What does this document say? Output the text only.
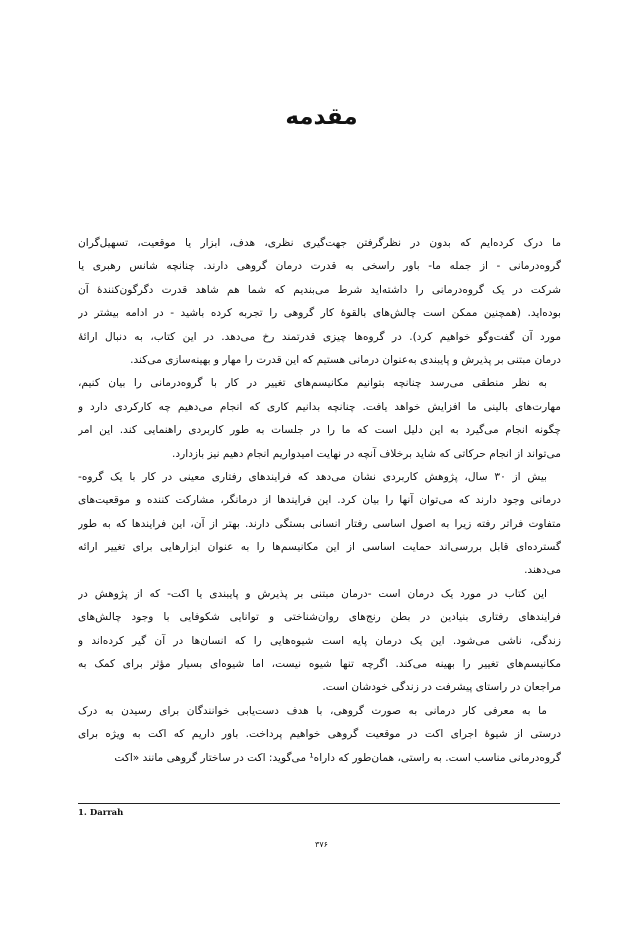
مقدمه
ما درک کرده‌ایم که بدون در نظرگرفتن جهت‌گیری نظری، هدف، ابزار یا موقعیت، تسهیل‌گران
گروه‌درمانی - از جمله ما- باور راسخی به قدرت درمان گروهی دارند. چنانچه شانس رهبری یا
شرکت در یک گروه‌درمانی را داشته‌اید شرط می‌بندیم که شما هم شاهد قدرت دگرگون‌کنندهٔ آن
بوده‌اید. (همچنین ممکن است چالش‌های بالقوهٔ کار گروهی را تجربه کرده باشید - در ادامه بیشتر در
مورد آن گفت‌وگو خواهیم کرد). در گروه‌ها چیزی قدرتمند رخ می‌دهد. در این کتاب، به دنبال ارائهٔ
درمان مبتنی بر پذیرش و پایبندی به‌عنوان درمانی هستیم که این قدرت را مهار و بهینه‌سازی می‌کند.
به نظر منطقی می‌رسد چنانچه بتوانیم مکانیسم‌های تغییر در کار با گروه‌درمانی را بیان کنیم،
مهارت‌های بالینی ما افزایش خواهد یافت. چنانچه بدانیم کاری که انجام می‌دهیم چه کارکردی دارد و
چگونه انجام می‌گیرد به این دلیل است که ما را در جلسات به طور کاربردی راهنمایی کند. این امر
می‌تواند از انجام حرکاتی که شاید برخلاف آنچه در نهایت امیدواریم انجام دهیم نیز بازدارد.
بیش از ۳۰ سال، پژوهش کاربردی نشان می‌دهد که فرایندهای رفتاری معینی در کار با یک گروه-
درمانی وجود دارند که می‌توان آنها را بیان کرد. این فرایندها از درمانگر، مشارکت کننده و موقعیت‌های
متفاوت فراتر رفته زیرا به اصول اساسی رفتار انسانی بستگی دارند. بهتر از آن، این فرایندها که به طور
گسترده‌ای قابل بررسی‌اند حمایت اساسی از این مکانیسم‌ها را به عنوان ابزارهایی برای تغییر ارائه
می‌دهند.
این کتاب در مورد یک درمان است -درمان مبتنی بر پذیرش و پایبندی یا اکت- که از پژوهش در
فرایندهای رفتاری بنیادین در بطن رنج‌های روان‌شناختی و توانایی شکوفایی با وجود چالش‌های
زندگی، ناشی می‌شود. این یک درمان پایه است شیوه‌هایی را که انسان‌ها در آن گیر کرده‌اند و
مکانیسم‌های تغییر را بهینه می‌کند. اگرچه تنها شیوه نیست، اما شیوه‌ای بسیار مؤثر برای کمک به
مراجعان در راستای پیشرفت در زندگی خودشان است.
ما به معرفی کار درمانی به صورت گروهی، با هدف دست‌یابی خوانندگان برای رسیدن به درک
درستی از شیوهٔ اجرای اکت در موقعیت گروهی خواهیم پرداخت. باور داریم که اکت به ویژه برای
گروه‌درمانی مناسب است. به راستی، همان‌طور که داراه¹ می‌گوید: اکت در ساختار گروهی مانند «اکت
1. Darrah
۳۷۶
